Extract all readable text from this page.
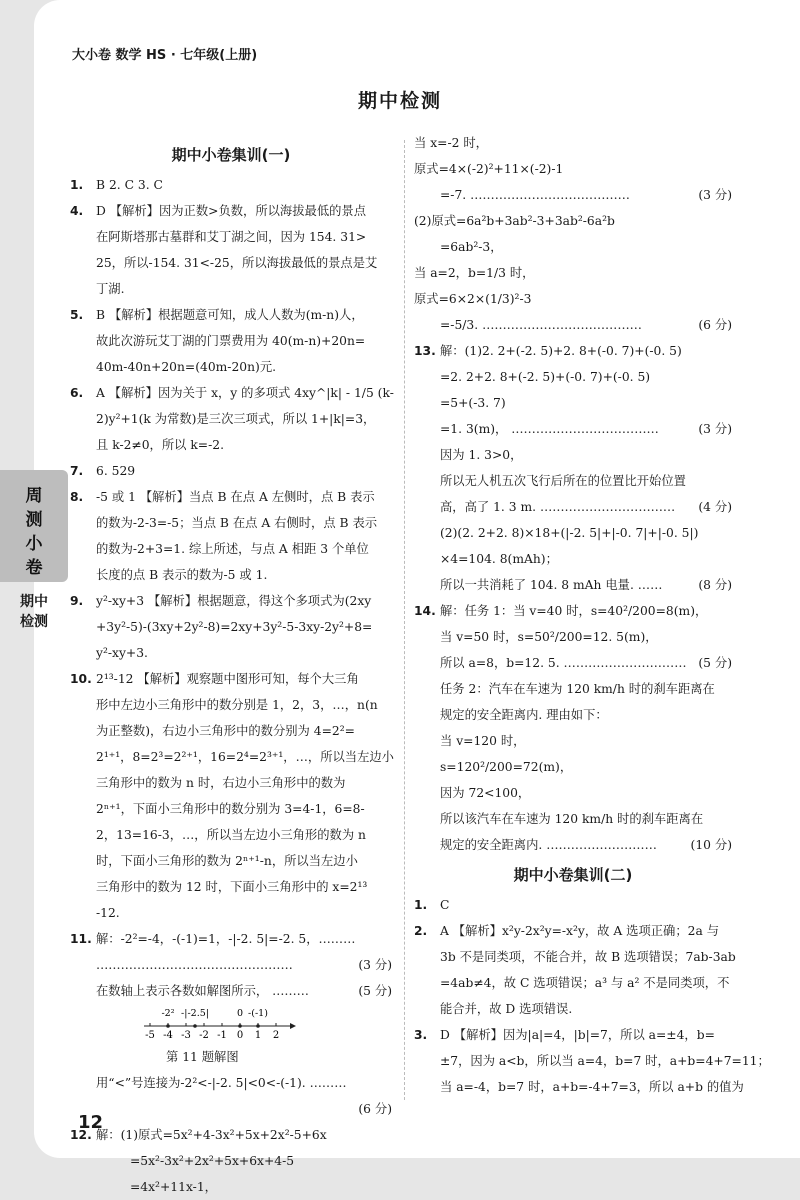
大小卷 数学 HS · 七年级(上册)
期中检测
周测小卷
期中检测
期中小卷集训(一)
1. B 2. C 3. C
4. D 【解析】因为正数>负数，所以海拔最低的景点
在阿斯塔那古墓群和艾丁湖之间，因为 154. 31>
25，所以-154. 31<-25，所以海拔最低的景点是艾
丁湖.
5. B 【解析】根据题意可知，成人人数为(m-n)人，
故此次游玩艾丁湖的门票费用为 40(m-n)+20n=
40m-40n+20n=(40m-20n)元.
6. A 【解析】因为关于 x，y 的多项式 4xy^|k| - 1/5 (k-
2)y²+1(k 为常数)是三次三项式，所以 1+|k|=3，
且 k-2≠0，所以 k=-2.
7. 6. 529
8. -5 或 1 【解析】当点 B 在点 A 左侧时，点 B 表示
的数为-2-3=-5；当点 B 在点 A 右侧时，点 B 表示
的数为-2+3=1. 综上所述，与点 A 相距 3 个单位
长度的点 B 表示的数为-5 或 1.
9. y²-xy+3 【解析】根据题意，得这个多项式为(2xy
+3y²-5)-(3xy+2y²-8)=2xy+3y²-5-3xy-2y²+8=
y²-xy+3.
10. 2¹³-12 【解析】观察题中图形可知，每个大三角
形中左边小三角形中的数分别是 1，2，3，…，n(n
为正整数)，右边小三角形中的数分别为 4=2²=
2¹⁺¹，8=2³=2²⁺¹，16=2⁴=2³⁺¹，…，所以当左边小
三角形中的数为 n 时，右边小三角形中的数为
2ⁿ⁺¹，下面小三角形中的数分别为 3=4-1，6=8-
2，13=16-3，…，所以当左边小三角形的数为 n
时，下面小三角形的数为 2ⁿ⁺¹-n，所以当左边小
三角形中的数为 12 时，下面小三角形中的 x=2¹³
-12.
11. 解：-2²=-4，-(-1)=1，-|-2. 5|=-2. 5，………
…………………………………………	(3 分)
在数轴上表示各数如解图所示， ………	(5 分)
-5 -4 -3 -2 -1 0 1 2
-2² -|-2.5|	0 -(-1)
第 11 题解图
用“<”号连接为-2²<-|-2. 5|<0<-(-1). ………
(6 分)
12. 解：(1)原式=5x²+4-3x²+5x+2x²-5+6x
=5x²-3x²+2x²+5x+6x+4-5
=4x²+11x-1，
当 x=-2 时，
原式=4×(-2)²+11×(-2)-1
=-7. …………………………………	(3 分)
(2)原式=6a²b+3ab²-3+3ab²-6a²b
=6ab²-3，
当 a=2，b=1/3 时，
原式=6×2×(1/3)²-3
=-5/3. …………………………………	(6 分)
13. 解：(1)2. 2+(-2. 5)+2. 8+(-0. 7)+(-0. 5)
=2. 2+2. 8+(-2. 5)+(-0. 7)+(-0. 5)
=5+(-3. 7)
=1. 3(m)， ………………………………	(3 分)
因为 1. 3>0，
所以无人机五次飞行后所在的位置比开始位置
高，高了 1. 3 m. …………………………… (4 分)
(2)(2. 2+2. 8)×18+(|-2. 5|+|-0. 7|+|-0. 5|)
×4=104. 8(mAh)；
所以一共消耗了 104. 8 mAh 电量. ……	(8 分)
14. 解：任务 1：当 v=40 时，s=40²/200=8(m)，
当 v=50 时，s=50²/200=12. 5(m)，
所以 a=8，b=12. 5. ………………………… (5 分)
任务 2：汽车在车速为 120 km/h 时的刹车距离在
规定的安全距离内. 理由如下：
当 v=120 时，
s=120²/200=72(m)，
因为 72<100，
所以该汽车在车速为 120 km/h 时的刹车距离在
规定的安全距离内. ………………………	(10 分)
期中小卷集训(二)
1. C
2. A 【解析】x²y-2x²y=-x²y，故 A 选项正确；2a 与
3b 不是同类项，不能合并，故 B 选项错误；7ab-3ab
=4ab≠4，故 C 选项错误；a³ 与 a² 不是同类项，不
能合并，故 D 选项错误.
3. D 【解析】因为|a|=4，|b|=7，所以 a=±4，b=
±7，因为 a<b，所以当 a=4，b=7 时，a+b=4+7=11；
当 a=-4，b=7 时，a+b=-4+7=3，所以 a+b 的值为
12
